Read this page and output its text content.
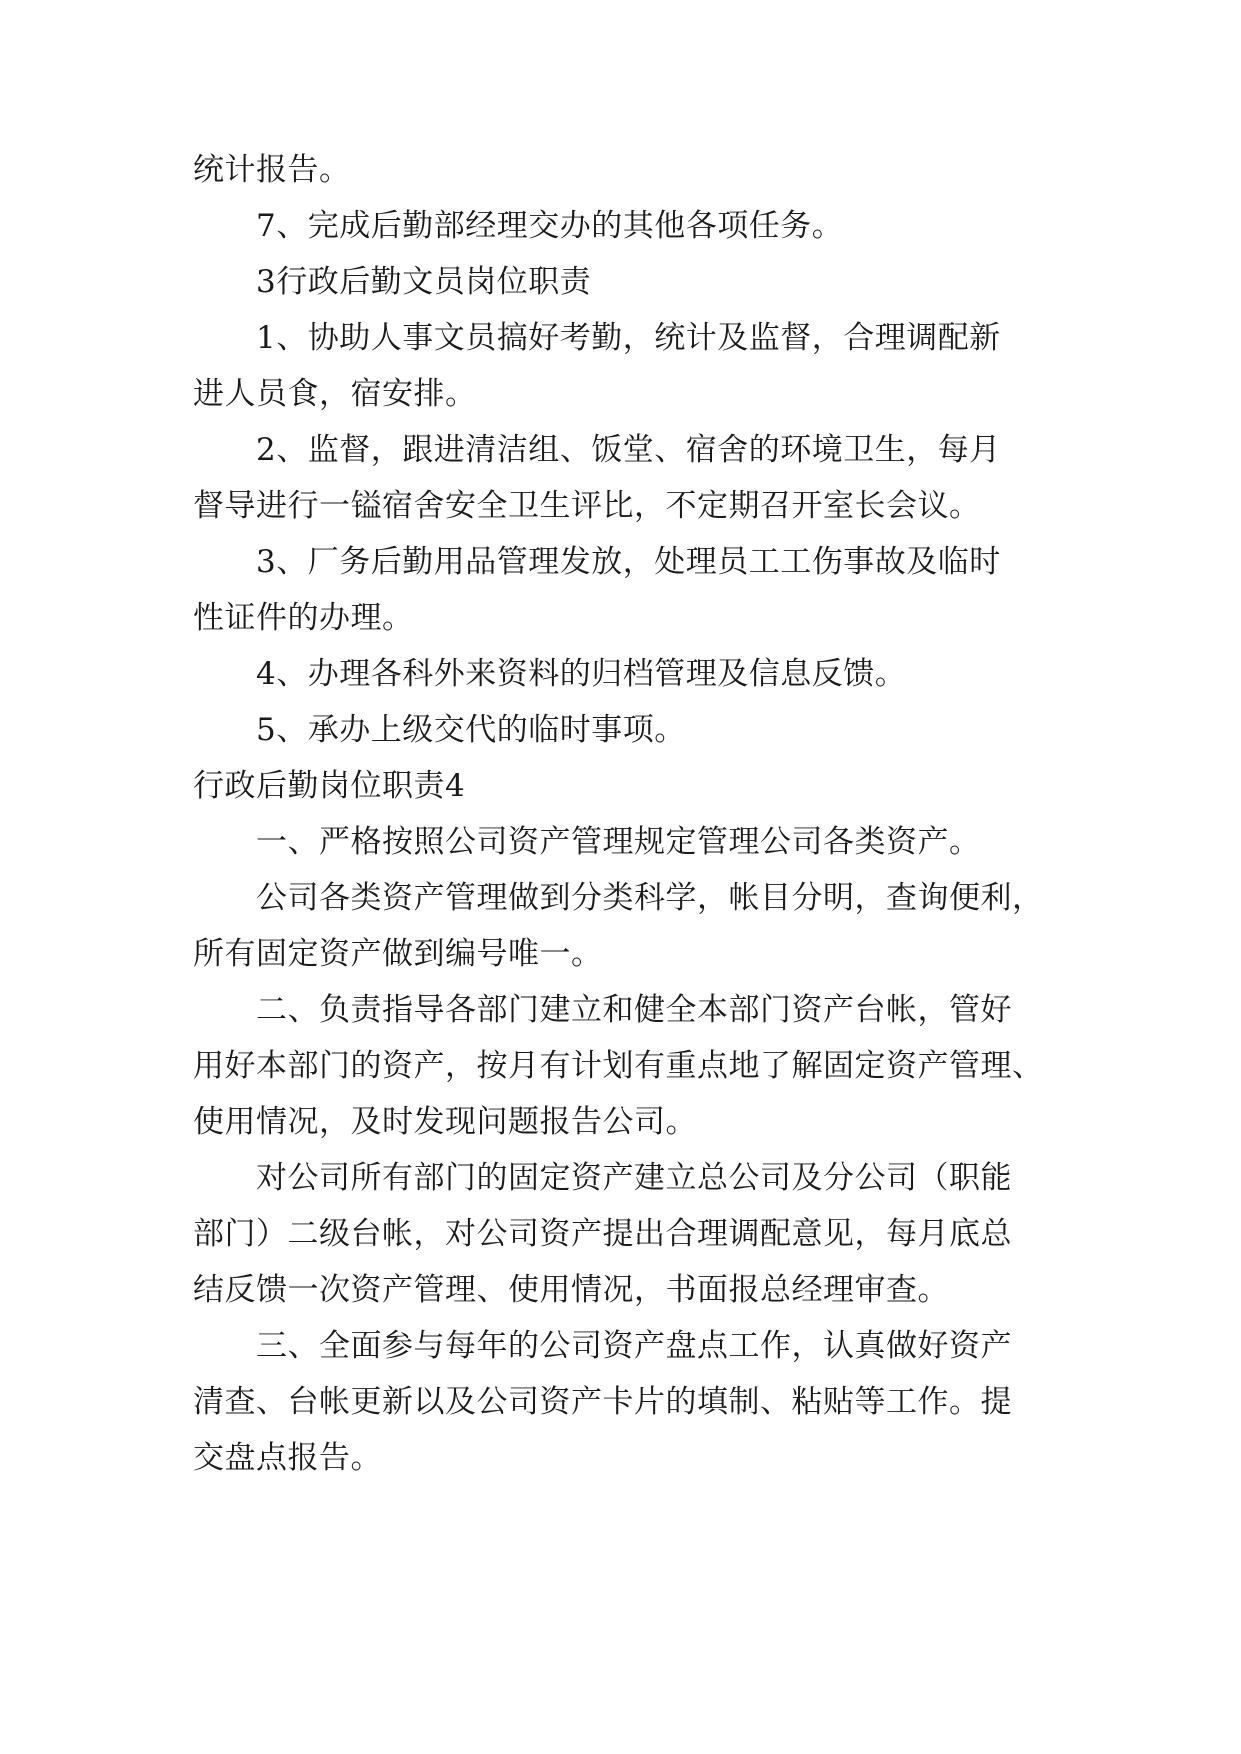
统计报告。
7、完成后勤部经理交办的其他各项任务。
3行政后勤文员岗位职责
1、协助人事文员搞好考勤，统计及监督，合理调配新
进人员食，宿安排。
2、监督，跟进清洁组、饭堂、宿舍的环境卫生，每月
督导进行一镒宿舍安全卫生评比，不定期召开室长会议。
3、厂务后勤用品管理发放，处理员工工伤事故及临时
性证件的办理。
4、办理各科外来资料的归档管理及信息反馈。
5、承办上级交代的临时事项。
行政后勤岗位职责4
一、严格按照公司资产管理规定管理公司各类资产。
公司各类资产管理做到分类科学，帐目分明，查询便利，
所有固定资产做到编号唯一。
二、负责指导各部门建立和健全本部门资产台帐，管好
用好本部门的资产，按月有计划有重点地了解固定资产管理、
使用情况，及时发现问题报告公司。
对公司所有部门的固定资产建立总公司及分公司（职能
部门）二级台帐，对公司资产提出合理调配意见，每月底总
结反馈一次资产管理、使用情况，书面报总经理审查。
三、全面参与每年的公司资产盘点工作，认真做好资产
清查、台帐更新以及公司资产卡片的填制、粘贴等工作。提
交盘点报告。
